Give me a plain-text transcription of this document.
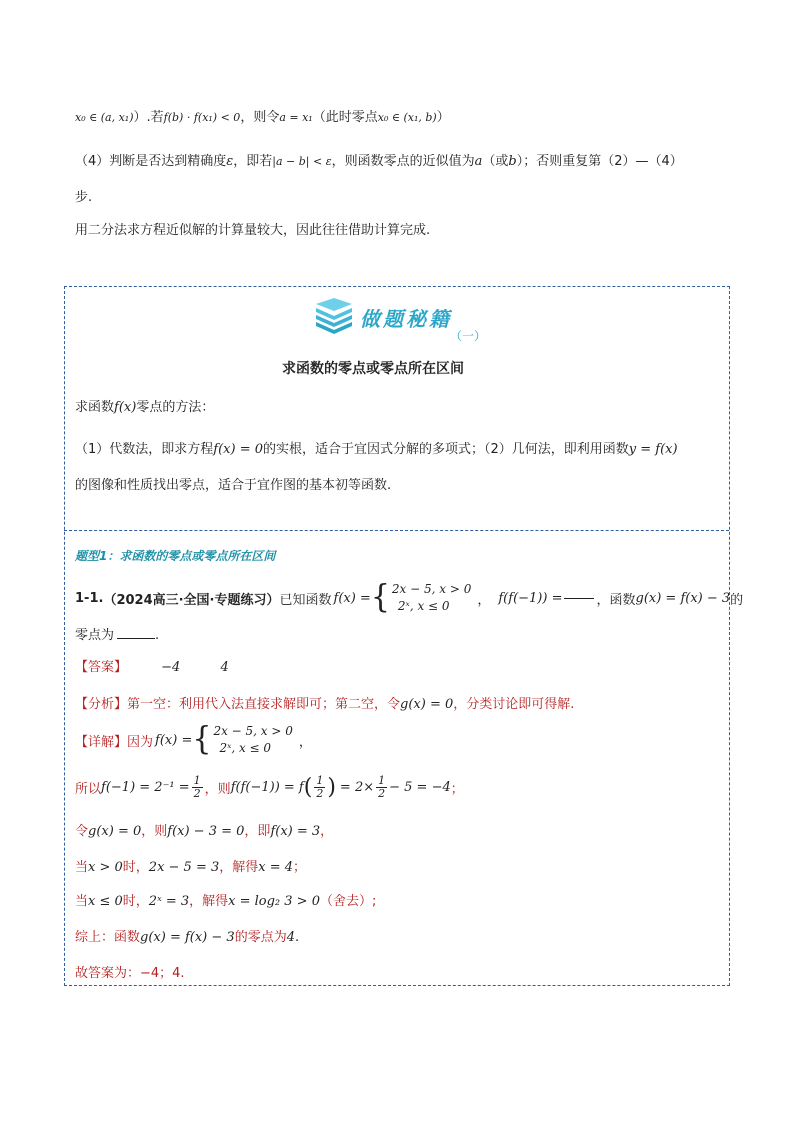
x₀ ∈ (a, x₁)）.若f(b) · f(x₁) < 0，则令a = x₁（此时零点x₀ ∈ (x₁, b)）
（4）判断是否达到精确度ε，即若|a − b| < ε，则函数零点的近似值为a（或b）；否则重复第（2）—（4）
步.
用二分法求方程近似解的计算量较大，因此往往借助计算完成.
做题秘籍
（一）
求函数的零点或零点所在区间
求函数f(x)零点的方法：
（1）代数法，即求方程f(x) = 0的实根，适合于宜因式分解的多项式；（2）几何法，即利用函数y = f(x)
的图像和性质找出零点，适合于宜作图的基本初等函数.
题型1：求函数的零点或零点所在区间
1-1. （2024高三·全国·专题练习） 已知函数 f(x) = { 2x − 5, x > 0
2ˣ, x ≤ 0	， f(f(−1)) =	，函数 g(x) = f(x) − 3 的
零点为	.
【答案】	−4	4
【分析】第一空：利用代入法直接求解即可；第二空，令g(x) = 0，分类讨论即可得解.
【详解】 因为 f(x) = { 2x − 5, x > 0
2ˣ, x ≤ 0	，
所以 $f(-1) = 2^{-1} = \frac{1}{2}$ ，则 f(f(−1)) = f ( $\frac{1}{2}$ ) = $2\times \frac{1}{2} - 5 = -4$ ；
令g(x) = 0，则f(x) − 3 = 0，即f(x) = 3，
当x > 0时，2x − 5 = 3，解得x = 4；
当x ≤ 0时，2ˣ = 3，解得x = log₂ 3 > 0（舍去）;
综上：函数g(x) = f(x) − 3的零点为4.
故答案为：−4；4.
